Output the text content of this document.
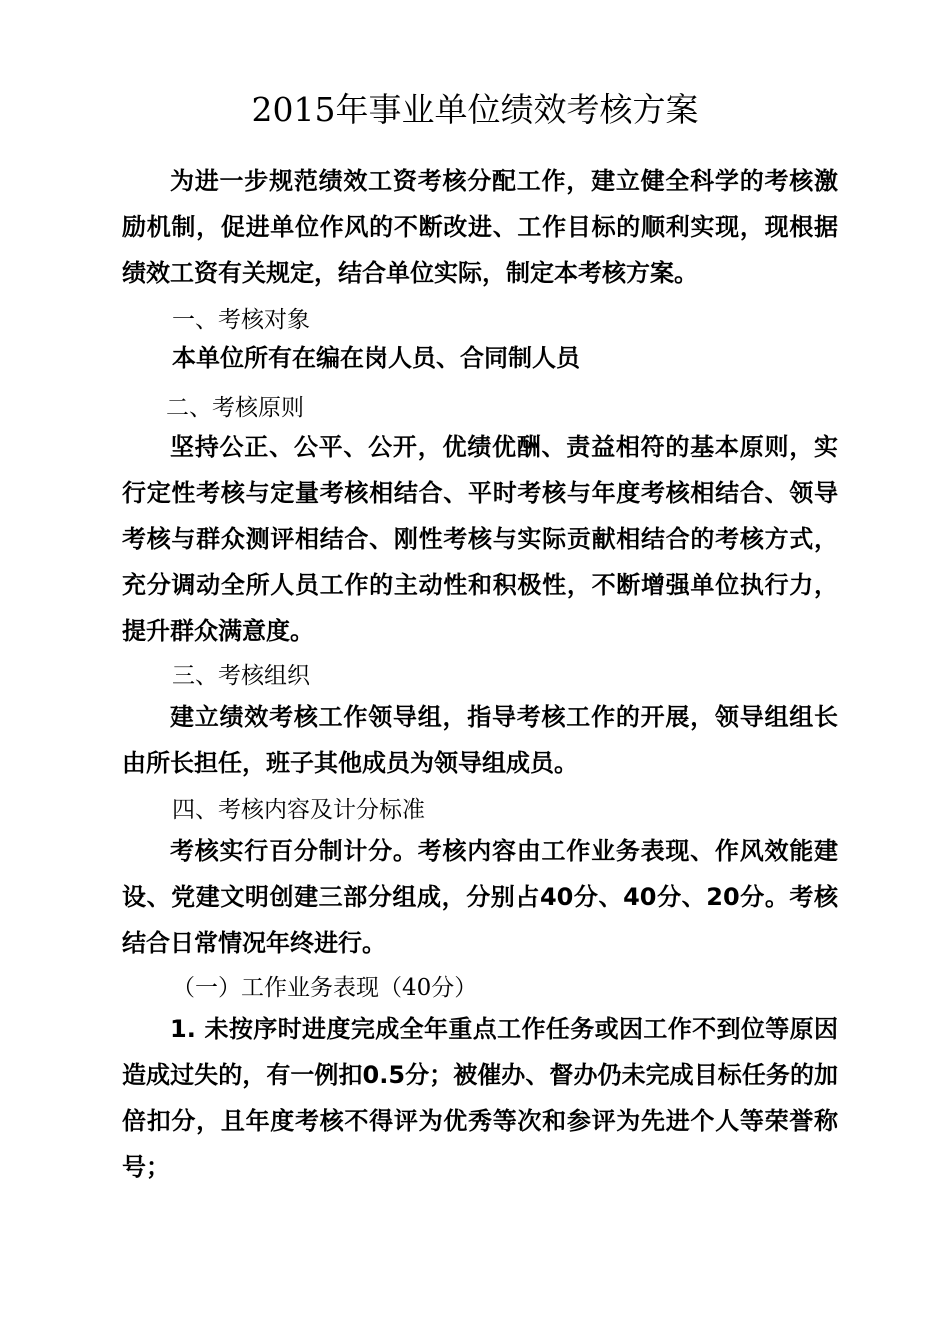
2015年事业单位绩效考核方案
为进一步规范绩效工资考核分配工作，建立健全科学的考核激励机制，促进单位作风的不断改进、工作目标的顺利实现，现根据绩效工资有关规定，结合单位实际，制定本考核方案。
一、考核对象
本单位所有在编在岗人员、合同制人员
二、考核原则
坚持公正、公平、公开，优绩优酬、责益相符的基本原则，实行定性考核与定量考核相结合、平时考核与年度考核相结合、领导考核与群众测评相结合、刚性考核与实际贡献相结合的考核方式，充分调动全所人员工作的主动性和积极性，不断增强单位执行力，提升群众满意度。
三、考核组织
建立绩效考核工作领导组，指导考核工作的开展，领导组组长由所长担任，班子其他成员为领导组成员。
四、考核内容及计分标准
考核实行百分制计分。考核内容由工作业务表现、作风效能建设、党建文明创建三部分组成，分别占40分、40分、20分。考核结合日常情况年终进行。
（一）工作业务表现（40分）
1. 未按序时进度完成全年重点工作任务或因工作不到位等原因造成过失的，有一例扣0.5分；被催办、督办仍未完成目标任务的加倍扣分，且年度考核不得评为优秀等次和参评为先进个人等荣誉称号；
